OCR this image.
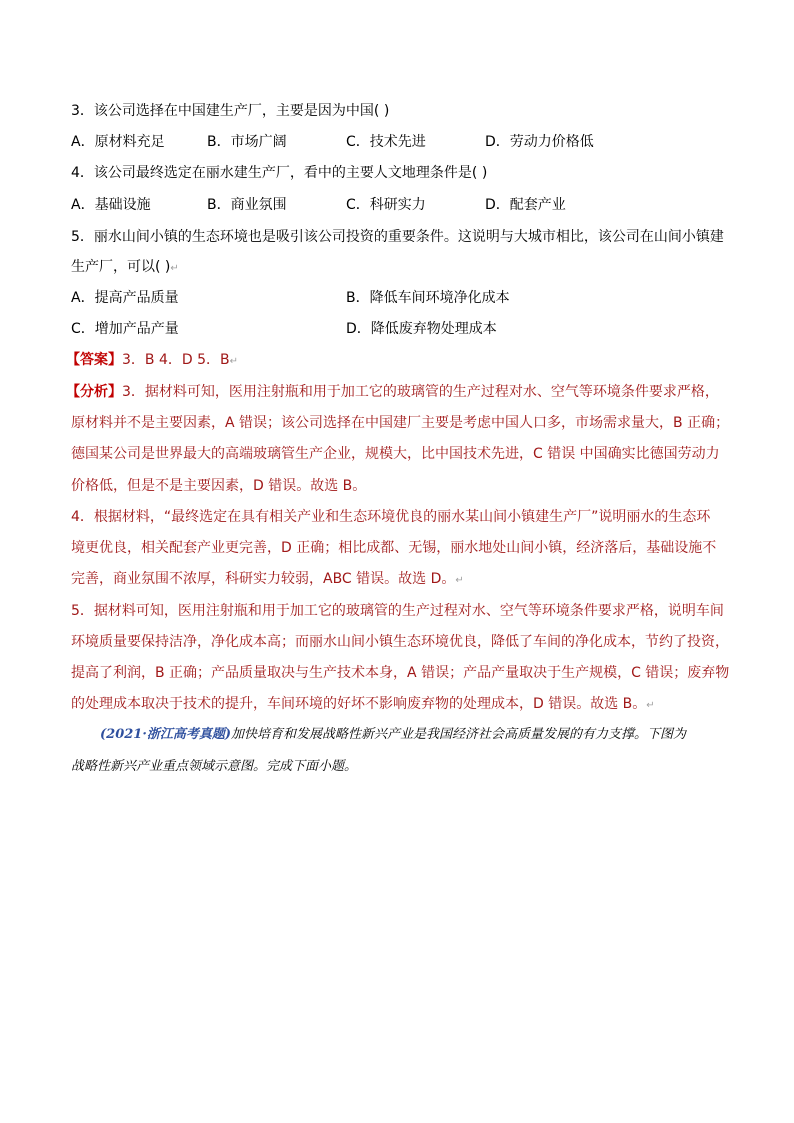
3．该公司选择在中国建生产厂，主要是因为中国( )
A．原材料充足	B．市场广阔	C．技术先进	D．劳动力价格低
4．该公司最终选定在丽水建生产厂，看中的主要人文地理条件是( )
A．基础设施	B．商业氛围	C．科研实力	D．配套产业
5．丽水山间小镇的生态环境也是吸引该公司投资的重要条件。这说明与大城市相比，该公司在山间小镇建
生产厂，可以( )↵
A．提高产品质量	B．降低车间环境净化成本
C．增加产品产量	D．降低废弃物处理成本
【答案】3．B 4．D 5．B↵
【分析】3．据材料可知，医用注射瓶和用于加工它的玻璃管的生产过程对水、空气等环境条件要求严格，
原材料并不是主要因素，A 错误；该公司选择在中国建厂主要是考虑中国人口多，市场需求量大，B 正确；
德国某公司是世界最大的高端玻璃管生产企业，规模大，比中国技术先进，C 错误 中国确实比德国劳动力
价格低，但是不是主要因素，D 错误。故选 B。
4．根据材料，“最终选定在具有相关产业和生态环境优良的丽水某山间小镇建生产厂”说明丽水的生态环
境更优良，相关配套产业更完善，D 正确；相比成都、无锡，丽水地处山间小镇，经济落后，基础设施不
完善，商业氛围不浓厚，科研实力较弱，ABC 错误。故选 D。↵
5．据材料可知，医用注射瓶和用于加工它的玻璃管的生产过程对水、空气等环境条件要求严格，说明车间
环境质量要保持洁净，净化成本高；而丽水山间小镇生态环境优良，降低了车间的净化成本，节约了投资，
提高了利润，B 正确；产品质量取决与生产技术本身，A 错误；产品产量取决于生产规模，C 错误；废弃物
的处理成本取决于技术的提升，车间环境的好坏不影响废弃物的处理成本，D 错误。故选 B。↵
(2021·浙江高考真题)加快培育和发展战略性新兴产业是我国经济社会高质量发展的有力支撑。下图为
战略性新兴产业重点领域示意图。完成下面小题。
